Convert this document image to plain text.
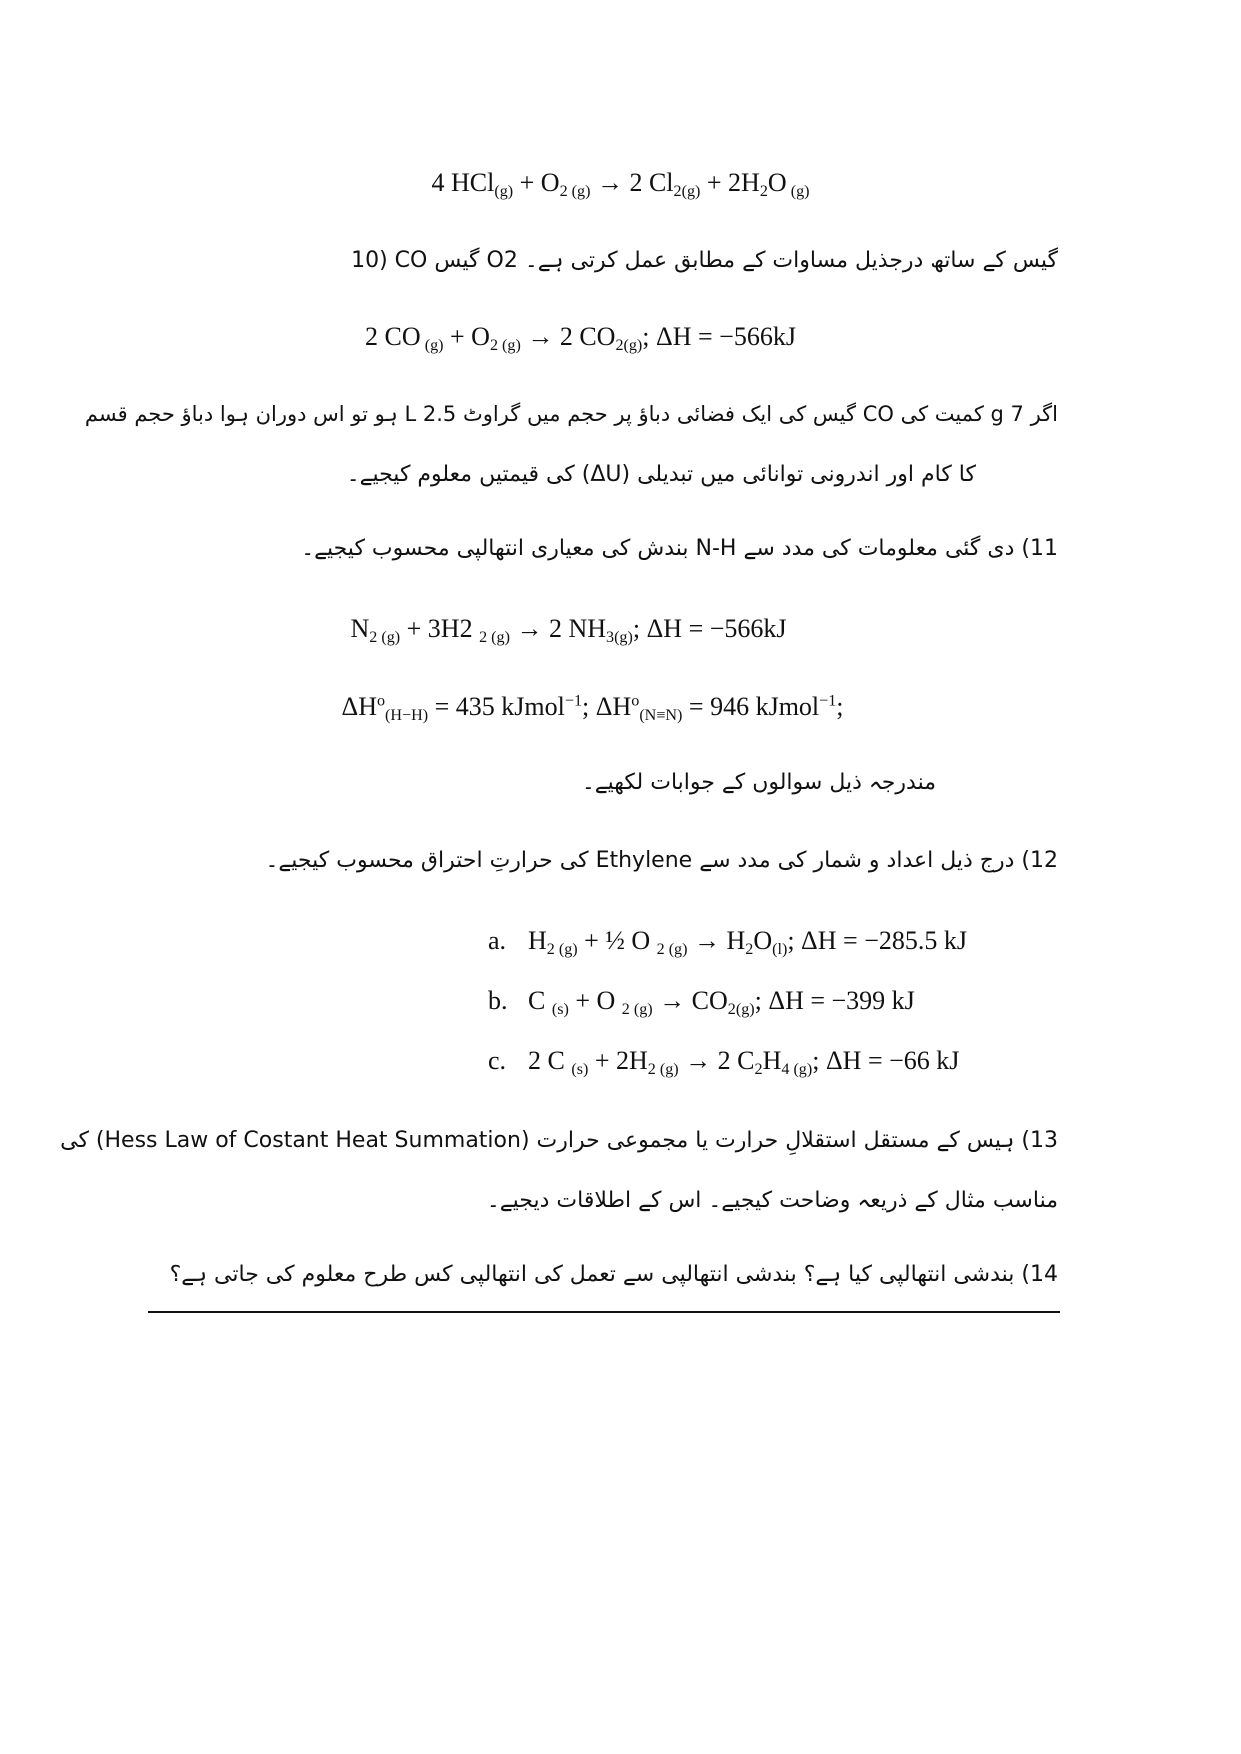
4 $HCl_{(g)} + O_2$ $_{(g)}$ → 2 $Cl_{2(g)} + 2H_2O$ $_{(g)}$
10) CO گیس O2 گیس کے ساتھ درجذیل مساوات کے مطابق عمل کرتی ہے۔
2 CO $_{(g)} + O_2$ $_{(g)}$ → 2 $CO_{2(g)}$; ΔH = −566kJ
اگر g 7 کمیت کی CO گیس کی ایک فضائی دباؤ پر حجم میں گراوٹ L 2.5 ہو تو اس دوران ہوا دباؤ حجم قسم
کا کام اور اندرونی توانائی میں تبدیلی (ΔU) کی قیمتیں معلوم کیجیے۔
11) دی گئی معلومات کی مدد سے N-H بندش کی معیاری انتھالپی محسوب کیجیے۔
$N_{2 (g)} + 3H2$ $_{2 (g)}$ → 2 $NH_{3(g)}$; ΔH = −566kJ
$\Delta H^o_{(H-H)} = 435$ kJmol$^{-1}$; $\Delta H^o_{(N\equiv N)} = 946$ kJmol$^{-1}$;
مندرجہ ذیل سوالوں کے جوابات لکھیے۔
12) درج ذیل اعداد و شمار کی مدد سے Ethylene کی حرارتِ احتراق محسوب کیجیے۔
a. $H_{2 (g)}$ + ½ O $_{2 (g)} \to H_2O_{(l)}$; ΔH = −285.5 kJ
b. C $_{(s)}$ + O $_{2 (g)} \to CO_{2(g)}$; ΔH = −399 kJ
c. 2 C $_{(s)} + 2H_{2 (g)} \to 2$ $C_2H_{4 (g)}$; ΔH = −66 kJ
13) ہیس کے مستقل استقلالِ حرارت یا مجموعی حرارت (Hess Law of Costant Heat Summation) کی
مناسب مثال کے ذریعہ وضاحت کیجیے۔ اس کے اطلاقات دیجیے۔
14) بندشی انتھالپی کیا ہے؟ بندشی انتھالپی سے تعمل کی انتھالپی کس طرح معلوم کی جاتی ہے؟
